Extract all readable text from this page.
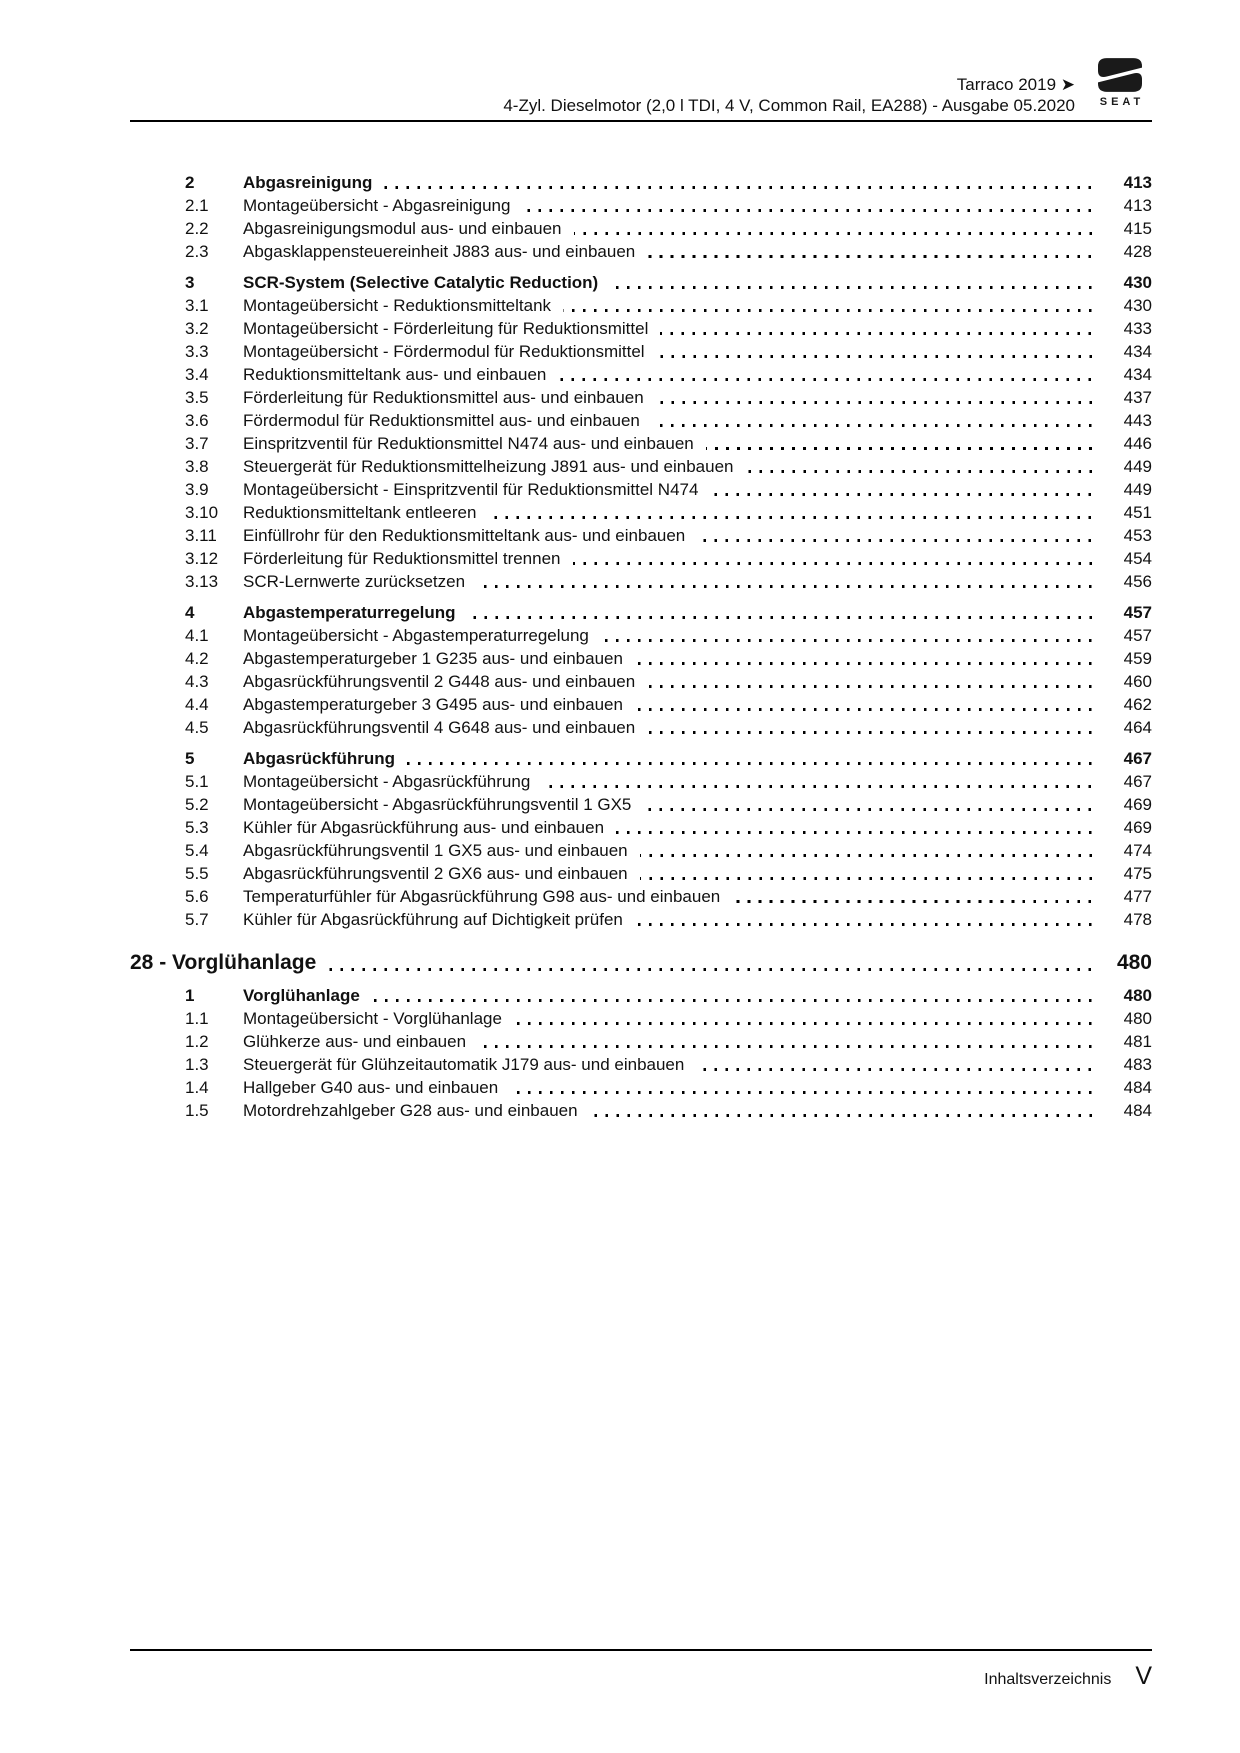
Tarraco 2019 ➤
4-Zyl. Dieselmotor (2,0 l TDI, 4 V, Common Rail, EA288) - Ausgabe 05.2020	SEAT
2	Abgasreinigung	413
2.1	Montageübersicht - Abgasreinigung	413
2.2	Abgasreinigungsmodul aus- und einbauen	415
2.3	Abgasklappensteuereinheit J883 aus- und einbauen	428
3	SCR-System (Selective Catalytic Reduction)	430
3.1	Montageübersicht - Reduktionsmitteltank	430
3.2	Montageübersicht - Förderleitung für Reduktionsmittel	433
3.3	Montageübersicht - Fördermodul für Reduktionsmittel	434
3.4	Reduktionsmitteltank aus- und einbauen	434
3.5	Förderleitung für Reduktionsmittel aus- und einbauen	437
3.6	Fördermodul für Reduktionsmittel aus- und einbauen	443
3.7	Einspritzventil für Reduktionsmittel N474 aus- und einbauen	446
3.8	Steuergerät für Reduktionsmittelheizung J891 aus- und einbauen	449
3.9	Montageübersicht - Einspritzventil für Reduktionsmittel N474	449
3.10	Reduktionsmitteltank entleeren	451
3.11	Einfüllrohr für den Reduktionsmitteltank aus- und einbauen	453
3.12	Förderleitung für Reduktionsmittel trennen	454
3.13	SCR-Lernwerte zurücksetzen	456
4	Abgastemperaturregelung	457
4.1	Montageübersicht - Abgastemperaturregelung	457
4.2	Abgastemperaturgeber 1 G235 aus- und einbauen	459
4.3	Abgasrückführungsventil 2 G448 aus- und einbauen	460
4.4	Abgastemperaturgeber 3 G495 aus- und einbauen	462
4.5	Abgasrückführungsventil 4 G648 aus- und einbauen	464
5	Abgasrückführung	467
5.1	Montageübersicht - Abgasrückführung	467
5.2	Montageübersicht - Abgasrückführungsventil 1 GX5	469
5.3	Kühler für Abgasrückführung aus- und einbauen	469
5.4	Abgasrückführungsventil 1 GX5 aus- und einbauen	474
5.5	Abgasrückführungsventil 2 GX6 aus- und einbauen	475
5.6	Temperaturfühler für Abgasrückführung G98 aus- und einbauen	477
5.7	Kühler für Abgasrückführung auf Dichtigkeit prüfen	478
28 - Vorglühanlage	480
1	Vorglühanlage	480
1.1	Montageübersicht - Vorglühanlage	480
1.2	Glühkerze aus- und einbauen	481
1.3	Steuergerät für Glühzeitautomatik J179 aus- und einbauen	483
1.4	Hallgeber G40 aus- und einbauen	484
1.5	Motordrehzahlgeber G28 aus- und einbauen	484
Inhaltsverzeichnis V
